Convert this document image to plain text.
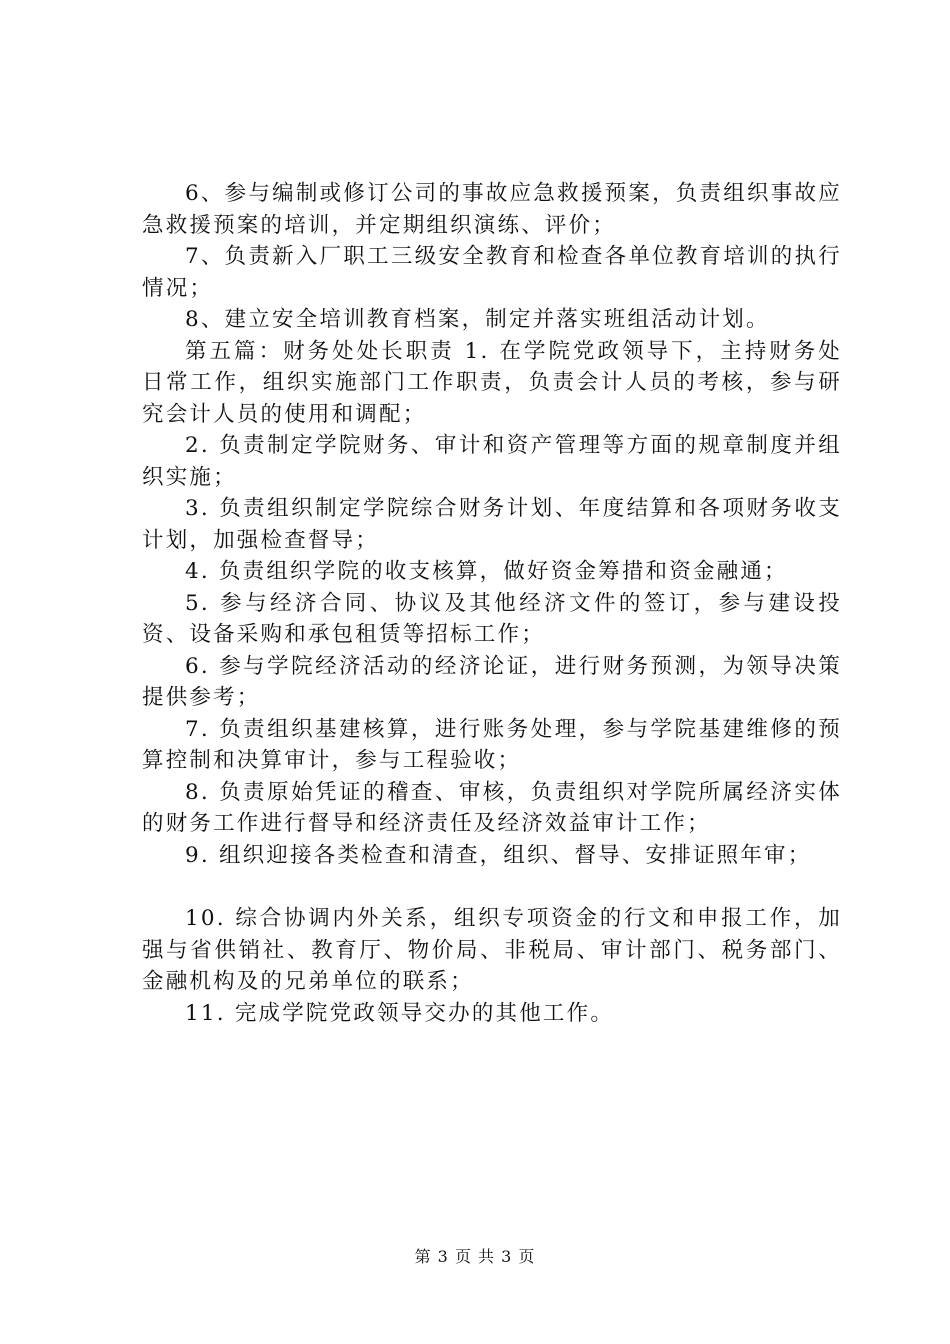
6、参与编制或修订公司的事故应急救援预案，负责组织事故应急救援预案的培训，并定期组织演练、评价；

7、负责新入厂职工三级安全教育和检查各单位教育培训的执行情况；

8、建立安全培训教育档案，制定并落实班组活动计划。

第五篇：财务处处长职责 1. 在学院党政领导下，主持财务处日常工作，组织实施部门工作职责，负责会计人员的考核，参与研究会计人员的使用和调配；

2. 负责制定学院财务、审计和资产管理等方面的规章制度并组织实施；

3. 负责组织制定学院综合财务计划、年度结算和各项财务收支计划，加强检查督导；

4. 负责组织学院的收支核算，做好资金筹措和资金融通；

5. 参与经济合同、协议及其他经济文件的签订，参与建设投资、设备采购和承包租赁等招标工作；

6. 参与学院经济活动的经济论证，进行财务预测，为领导决策提供参考；

7. 负责组织基建核算，进行账务处理，参与学院基建维修的预算控制和决算审计，参与工程验收；

8. 负责原始凭证的稽查、审核，负责组织对学院所属经济实体的财务工作进行督导和经济责任及经济效益审计工作；

9. 组织迎接各类检查和清查，组织、督导、安排证照年审；

10. 综合协调内外关系，组织专项资金的行文和申报工作，加强与省供销社、教育厅、物价局、非税局、审计部门、税务部门、金融机构及的兄弟单位的联系；

11. 完成学院党政领导交办的其他工作。

第 3 页 共 3 页
